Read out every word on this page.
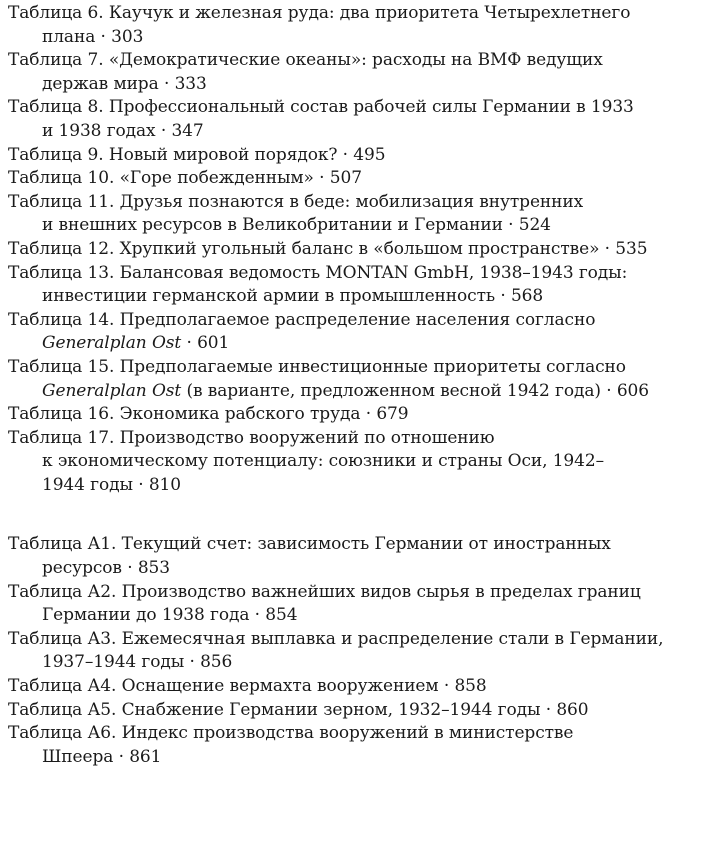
Таблица 6. Каучук и железная руда: два приоритета Четырехлетнего
плана · 303
Таблица 7. «Демократические океаны»: расходы на ВМФ ведущих
держав мира · 333
Таблица 8. Профессиональный состав рабочей силы Германии в 1933
и 1938 годах · 347
Таблица 9. Новый мировой порядок? · 495
Таблица 10. «Горе побежденным» · 507
Таблица 11. Друзья познаются в беде: мобилизация внутренних
и внешних ресурсов в Великобритании и Германии · 524
Таблица 12. Хрупкий угольный баланс в «большом пространстве» · 535
Таблица 13. Балансовая ведомость MONTAN GmbH, 1938–1943 годы:
инвестиции германской армии в промышленность · 568
Таблица 14. Предполагаемое распределение населения согласно
Generalplan Ost · 601
Таблица 15. Предполагаемые инвестиционные приоритеты согласно
Generalplan Ost (в варианте, предложенном весной 1942 года) · 606
Таблица 16. Экономика рабского труда · 679
Таблица 17. Производство вооружений по отношению
к экономическому потенциалу: союзники и страны Оси, 1942–
1944 годы · 810
Таблица А1. Текущий счет: зависимость Германии от иностранных
ресурсов · 853
Таблица А2. Производство важнейших видов сырья в пределах границ
Германии до 1938 года · 854
Таблица А3. Ежемесячная выплавка и распределение стали в Германии,
1937–1944 годы · 856
Таблица А4. Оснащение вермахта вооружением · 858
Таблица А5. Снабжение Германии зерном, 1932–1944 годы · 860
Таблица А6. Индекс производства вооружений в министерстве
Шпеера · 861
